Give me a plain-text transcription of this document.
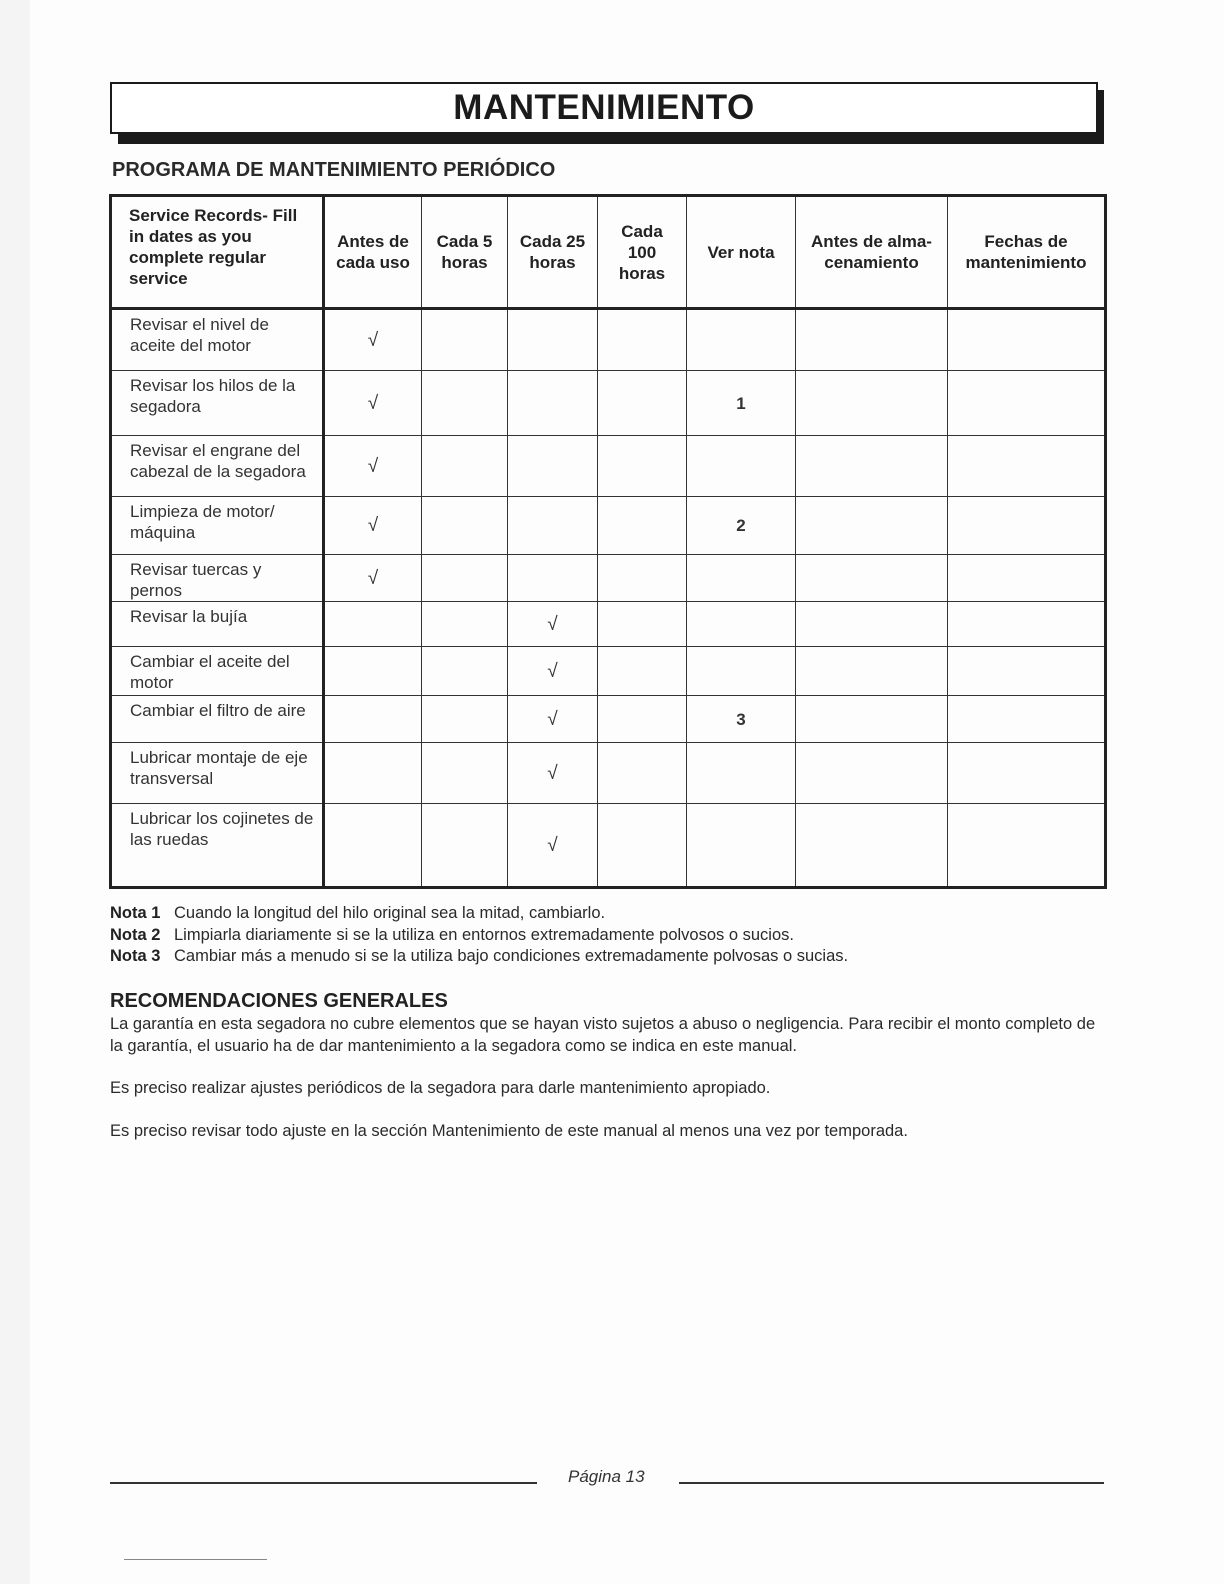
MANTENIMIENTO
PROGRAMA DE MANTENIMIENTO PERIÓDICO
Service Records- Fill in dates as you complete regular service	Antes de cada uso	Cada 5 horas	Cada 25 horas	Cada 100 horas	Ver nota	Antes de alma- cenamiento	Fechas de mantenimiento

Revisar el nivel de aceite del motor	√						
Revisar los hilos de la segadora	√				1		
Revisar el engrane del cabezal de la segadora	√						
Limpieza de motor/ máquina	√				2		
Revisar tuercas y pernos	√						
Revisar la bujía			√				
Cambiar el aceite del motor			√				
Cambiar el filtro de aire			√		3		
Lubricar montaje de eje transversal			√				
Lubricar los cojinetes de las ruedas			√				
Nota 1 Cuando la longitud del hilo original sea la mitad, cambiarlo.
Nota 2 Limpiarla diariamente si se la utiliza en entornos extremadamente polvosos o sucios.
Nota 3 Cambiar más a menudo si se la utiliza bajo condiciones extremadamente polvosas o sucias.
RECOMENDACIONES GENERALES
La garantía en esta segadora no cubre elementos que se hayan visto sujetos a abuso o negligencia. Para recibir el monto completo de la garantía, el usuario ha de dar mantenimiento a la segadora como se indica en este manual.
Es preciso realizar ajustes periódicos de la segadora para darle mantenimiento apropiado.
Es preciso revisar todo ajuste en la sección Mantenimiento de este manual al menos una vez por temporada.
Página 13
